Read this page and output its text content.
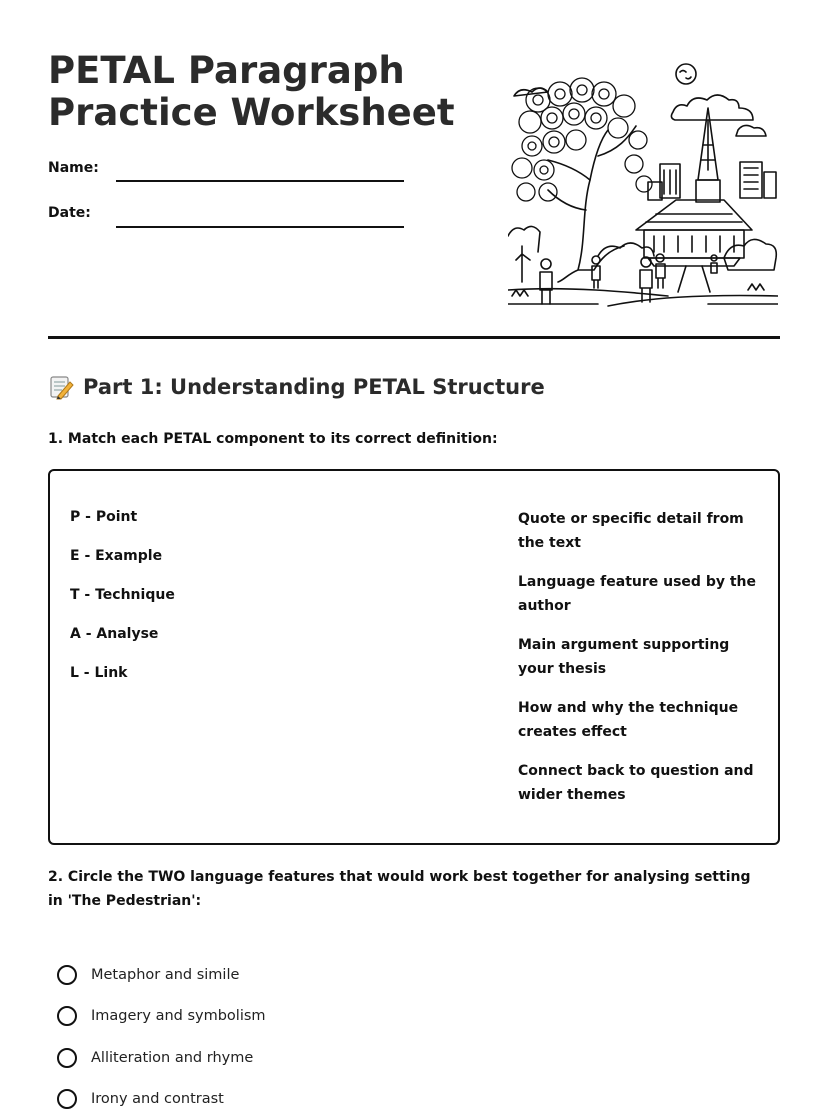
PETAL Paragraph
Practice Worksheet
Name:
Date:
Part 1: Understanding PETAL Structure
1. Match each PETAL component to its correct definition:
P - Point
E - Example
T - Technique
A - Analyse
L - Link
Quote or specific detail from the text
Language feature used by the author
Main argument supporting your thesis
How and why the technique creates effect
Connect back to question and wider themes
2. Circle the TWO language features that would work best together for analysing setting in 'The Pedestrian':
Metaphor and simile
Imagery and symbolism
Alliteration and rhyme
Irony and contrast
